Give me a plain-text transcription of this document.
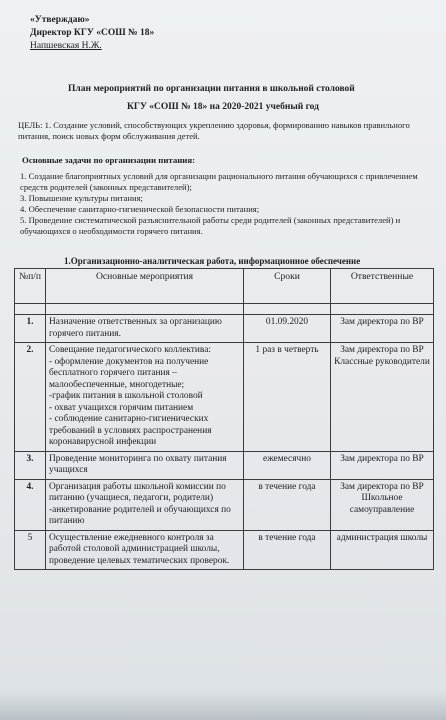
«Утверждаю»
Директор КГУ «СОШ № 18»
Напшевская Н.Ж.
План мероприятий по организации питания в школьной столовой
КГУ «СОШ № 18» на 2020-2021 учебный год
ЦЕЛЬ: 1. Создание условий, способствующих укреплению здоровья, формированию навыков правильного питания, поиск новых форм обслуживания детей.
Основные задачи по организации питания:
1. Создание благоприятных условий для организации рационального питания обучающихся с привлечением средств родителей (законных представителей);
3. Повышение культуры питания;
4. Обеспечение санитарно-гигиенической безопасности питания;
5. Проведение систематической разъяснительной работы среди родителей (законных представителей) и обучающихся о необходимости горячего питания.
1.Организационно-аналитическая работа, информационное обеспечение
№п/п	Основные мероприятия	Сроки	Ответственные

1.	Назначение ответственных за организацию горячего питания.	01.09.2020	Зам директора по ВР
2.	Совещание педагогического коллектива:
- оформление документов на получение бесплатного горячего питания – малообеспеченные, многодетные;
-график питания в школьной столовой
- охват учащихся горячим питанием
- соблюдение санитарно-гигиенических требований в условиях распространения коронавирусной инфекции	1 раз в четверть	Зам директора по ВР
Классные руководители
3.	Проведение мониторинга по охвату питания учащихся	ежемесячно	Зам директора по ВР
4.	Организация работы школьной комиссии по питанию (учащиеся, педагоги, родители)
-анкетирование родителей и обучающихся по питанию	в течение года	Зам директора по ВР
Школьное самоуправление
5	Осуществление ежедневного контроля за работой столовой администрацией школы, проведение целевых тематических проверок.	в течение года	администрация школы
